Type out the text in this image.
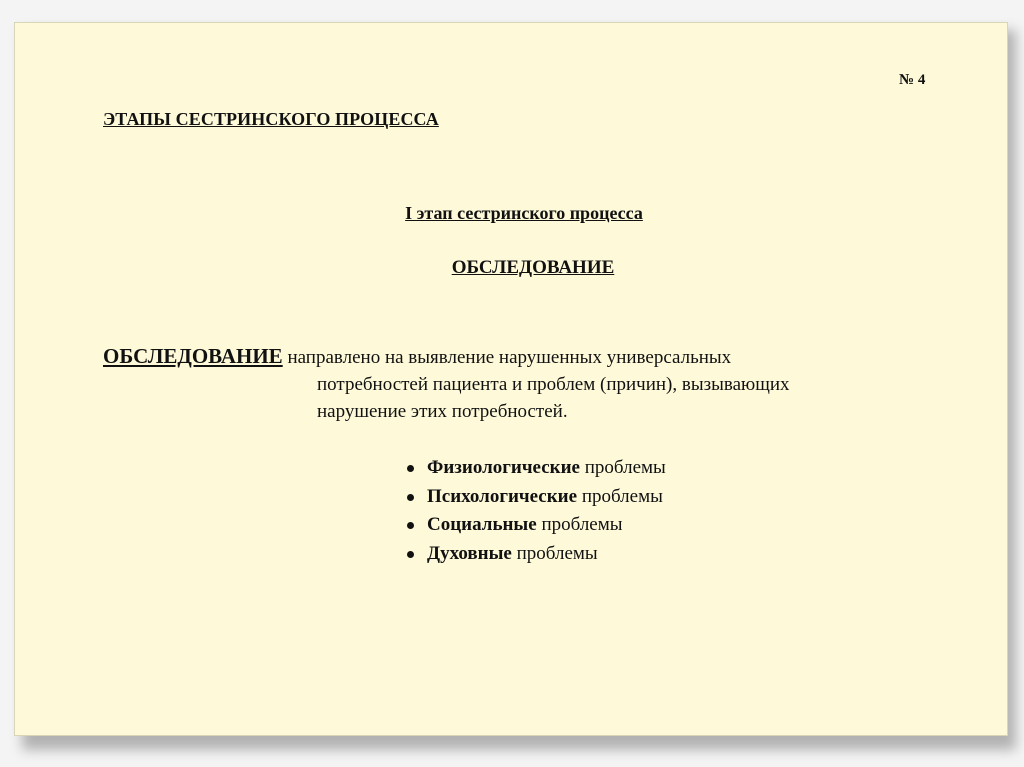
№ 4
ЭТАПЫ СЕСТРИНСКОГО ПРОЦЕССА
I этап сестринского процесса
ОБСЛЕДОВАНИЕ
ОБСЛЕДОВАНИЕ направлено на выявление нарушенных универсальных
потребностей пациента и проблем (причин), вызывающих
нарушение этих потребностей.
Физиологические проблемы
Психологические проблемы
Социальные проблемы
Духовные проблемы
